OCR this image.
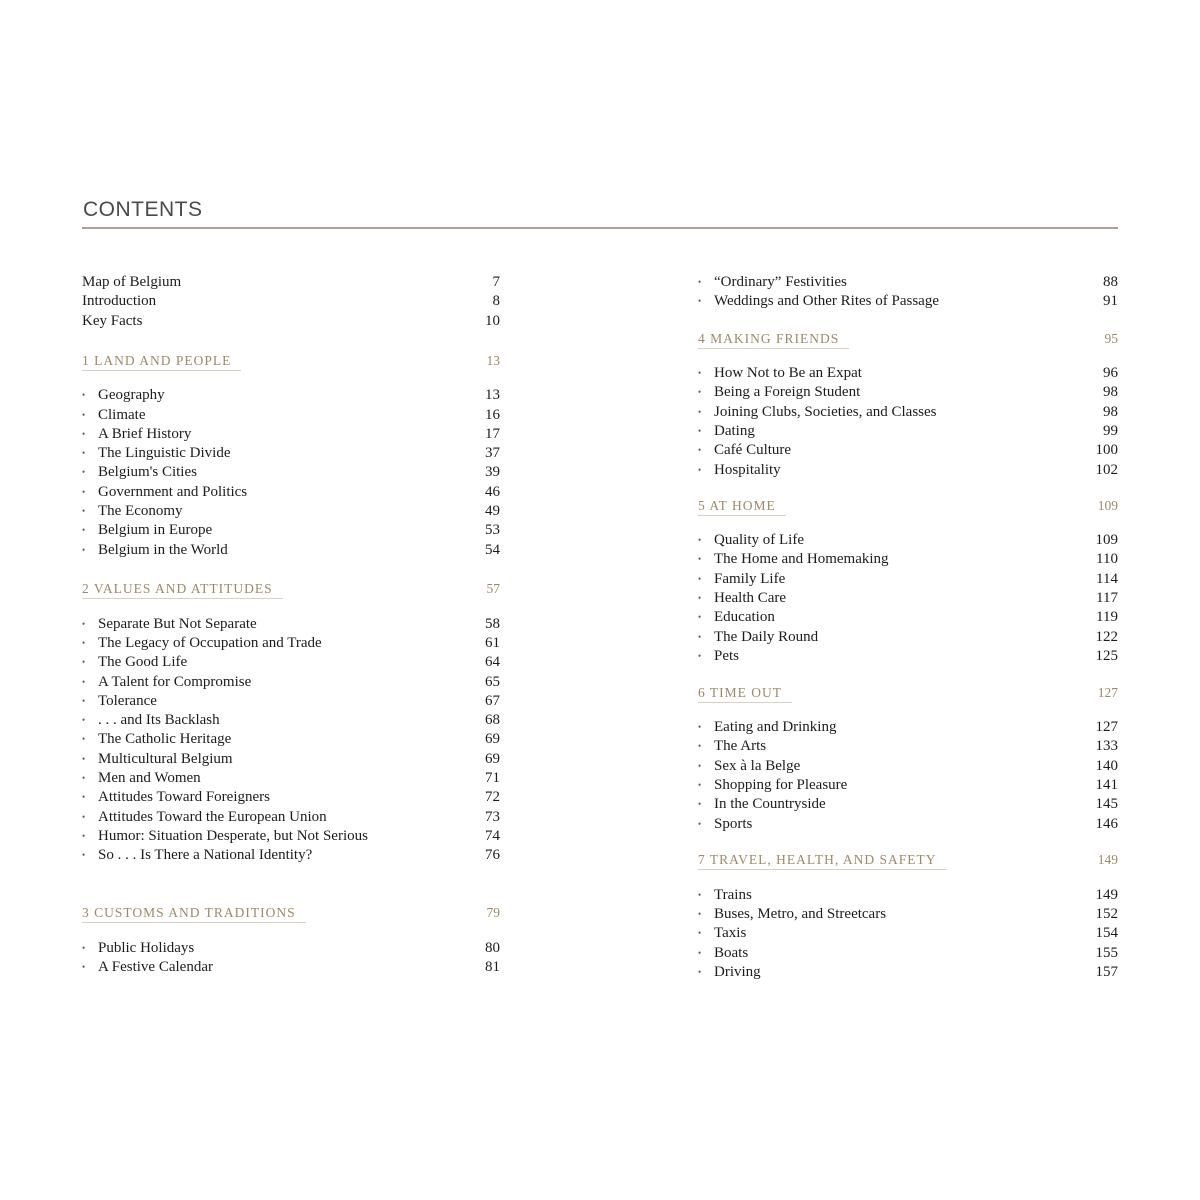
CONTENTS
Map of Belgium	7
Introduction	8
Key Facts	10
1 LAND AND PEOPLE	13
• Geography	13
• Climate	16
• A Brief History	17
• The Linguistic Divide	37
• Belgium's Cities	39
• Government and Politics	46
• The Economy	49
• Belgium in Europe	53
• Belgium in the World	54
2 VALUES AND ATTITUDES	57
• Separate But Not Separate	58
• The Legacy of Occupation and Trade	61
• The Good Life	64
• A Talent for Compromise	65
• Tolerance	67
• . . . and Its Backlash	68
• The Catholic Heritage	69
• Multicultural Belgium	69
• Men and Women	71
• Attitudes Toward Foreigners	72
• Attitudes Toward the European Union	73
• Humor: Situation Desperate, but Not Serious	74
• So . . . Is There a National Identity?	76
3 CUSTOMS AND TRADITIONS	79
• Public Holidays	80
• A Festive Calendar	81
• “Ordinary” Festivities	88
• Weddings and Other Rites of Passage	91
4 MAKING FRIENDS	95
• How Not to Be an Expat	96
• Being a Foreign Student	98
• Joining Clubs, Societies, and Classes	98
• Dating	99
• Café Culture	100
• Hospitality	102
5 AT HOME	109
• Quality of Life	109
• The Home and Homemaking	110
• Family Life	114
• Health Care	117
• Education	119
• The Daily Round	122
• Pets	125
6 TIME OUT	127
• Eating and Drinking	127
• The Arts	133
• Sex à la Belge	140
• Shopping for Pleasure	141
• In the Countryside	145
• Sports	146
7 TRAVEL, HEALTH, AND SAFETY	149
• Trains	149
• Buses, Metro, and Streetcars	152
• Taxis	154
• Boats	155
• Driving	157
